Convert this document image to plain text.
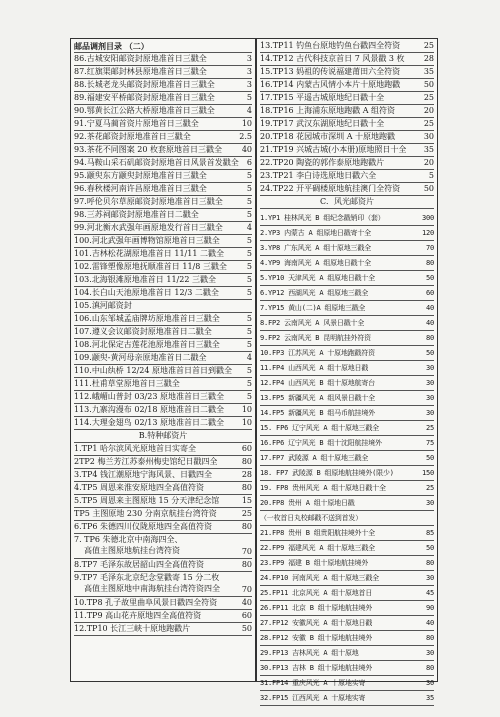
邮品调剂目录 （二）
86.古城安阳邮资封原地准首日三戳全	3
87.红旗渠邮封林县原地准首日三戳全	3
88.长城老龙头邮资封原地准首日三戳全	3
89.福建安平桥邮资封原地准首日三戳全	5
90.鄂黄长江公路大桥原地准首日三戳全	4
91.宁夏马蔺首资片原地首日三戳全	10
92.茶花邮资封原地准首日三戳全	2.5
93.茶花不同图案 20 枚套原地首日三戳全 40
94.马鞍山采石矶邮资封原地首日风景首发戳全 6
95.颛臾东方颛臾封原地准首日三戳全	5
96.春秋楼河南许昌原地准首日三戳全	5
97.呼伦贝尔草原邮资封原地准首日三戳全	5
98.三苏祠邮资封原地准首日二戳全	5
99.河北衡水武强年画原地发行首日三戳全	4
100.河北武强年画博物馆原地首日三戳全	5
101.吉林松花湖原地准首日 11/11 二戳全	5
102.雷锋塑像原地抚顺准首日 11/8 三戳全	5
103.北海银滩原地准首日 11/22 三戳全	5
104.长白山天池原地准首日 12/3 二戳全	5
105.滇河邮资封
106.山东邹城孟庙牌坊原地准首日三戳全	5
107.遵义会议邮资封原地准首日二戳全	5
108.河北保定古莲花池原地准首日三戳全	5
109.颛臾-黄河母亲原地准首日二戳全	4
110.中山纨桥 12/24 原地准首日首日到戳全 5
111.杜甫草堂原地首日三戳全	5
112.峨嵋山普封 03/23 原地准首日三戳全	5
113.九寨沟漫布 02/18 原地准首日二戳全 10
114.大理金翅鸟 02/13 原地准首日二戳全 10
B.特种邮资片
1.TP1 哈尔滨风光原地首日实寄全	60
2TP2 梅兰芳江苏泰州梅史馆纪日戳四全	80
3.TP4 钱江潮原地宁海风景、日戳四全	28
4.TP5 周恩来淮安原地四全高值符资	80
5.TP5 周恩来主图原地 15 分天津纪念馆	15
TP5 主图原地 230 分南京航挂台湾符资	25
6.TP6 朱德四川仪陇原地四全高值符资	80
7. TP6 朱德北京中南海四全、
高值主图原地航挂台湾符资	70
8.TP7 毛泽东故居韶山四全高值符资	80
9.TP7 毛泽东北京纪念堂戳寄 15 分二枚
高值主图原地中南海航挂台湾符资四全	70
10.TP8 孔子故里曲阜风景日戳四全符资	40
11.TP9 高山花卉原地四全高值符资	60
12.TP10 长江三峡十原地跑戳片	50
13.TP11 钓鱼台原地钓鱼台戳四全符资	25
14.TP12 古代科技京首日 7 风景戳 3 枚 28
15.TP13 妈祖的传说福建莆田六全符资	35
16.TP14 内蒙古风情小本片十原地跑戳	50
17.TP15 平遥古城原地纪日戳十全	25
18.TP16 上海浦东原地跑戳 A 组符资	20
19.TP17 武汉东湖原地纪日戳十全	25
20.TP18 花园城市深圳 A 十原地跑戳	30
21.TP19 兴城古城(小本册)原地照日十全 35
22.TP20 陶瓷的郭作泰原地跑戳片	20
23.TP21 李白诗选原地日戳六全	5
24.TP22 开平碉楼原地航挂澳门全符资	50
C．风光邮资片
1.YP1 桂林风光 B 组纪念戳销印（套）	300
2.YP3 内蒙古 A 组原地日戳寄十全	120
3.YP8 广东风光 A 组十原地三戳全	70
4.YP9 海南风光 A 组原地日戳十全	80
5.YP10 天津风光 A 组原地日戳十全	50
6.YP12 西湖风光 A 组原地三戳全	60
7.YP15 黄山(二)A 组原地三戳全	40
8.FP2 云南风光 A 风景日戳十全	40
9.FP2 云南风光 B 昆明航挂外符资	80
10.FP3 江苏风光 A 十原地跑戳符资	50
11.FP4 山西风光 A 组十原地日戳	30
12.FP4 山西风光 B 组十原地航寄台	30
13.FP5 新疆风光 A 组风景日戳十全	30
14.FP5 新疆风光 B 组马币航挂境外	30
15. FP6 辽宁风光 A 组十原地三戳全	25
16.FP6 辽宁风光 B 组十沈阳航挂境外	75
17.FP7 武陵源 A 组十原地三戳全	50
18. FP7 武陵源 B 组原地航挂境外(限少)	150
19. FP8 贵州风光 A 组十原地日戳十全	25
20.FP8 贵州 A 组十原地日戳	30
（一枚首日丸校邮戳不送到首发）
21.FP8 贵州 B 组贵阳航挂境外十全	85
22.FP9 福建风光 A 组十原地三戳全	50
23.FP9 福建 B 组十原地航挂境外	80
24.FP10 河南风光 A 组十原地三戳全	30
25.FP11 北京风光 A 组十原地首日	45
26.FP11 北京 B 组十原地航挂境外	90
27.FP12 安徽风光 A 组十原地日戳	40
28.FP12 安徽 B 组十原地航挂境外	80
29.FP13 吉林风光 A 组十原地	30
30.FP13 吉林 B 组十原地航挂境外	80
31.FP14 重庆风光 A 十原地实寄	30
32.FP15 江西风光 A 十原地实寄	35
